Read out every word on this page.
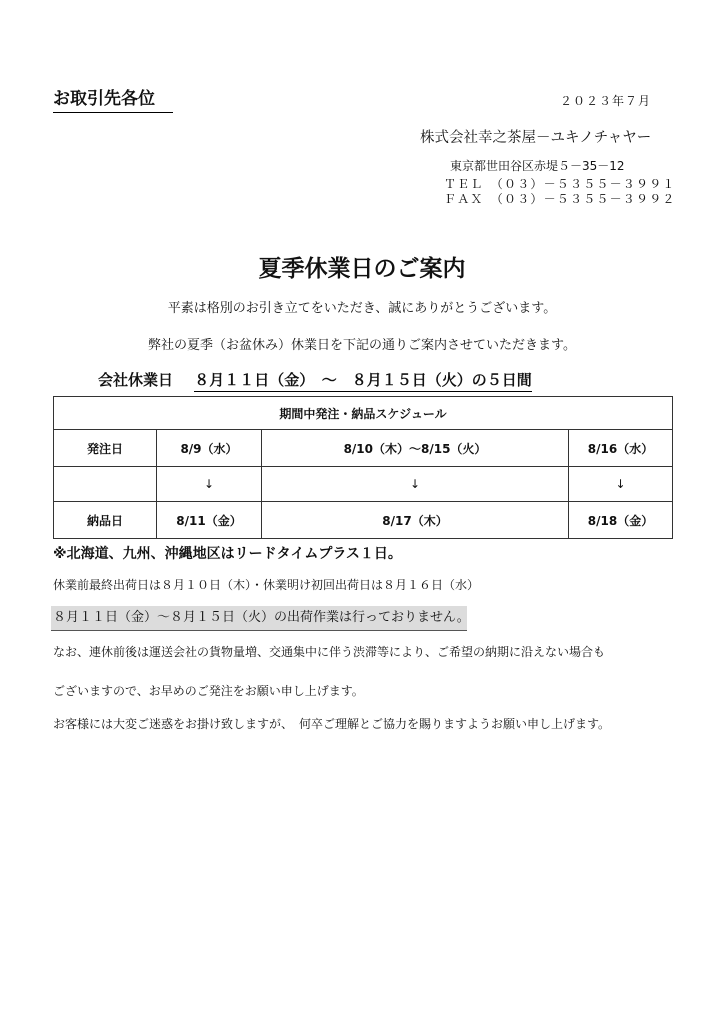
お取引先各位	２０２３年７月
株式会社幸之茶屋－ユキノチャヤー
東京都世田谷区赤堤５－35－12
ＴＥＬ　（０３）－５３５５－３９９１
ＦＡＸ　（０３）－５３５５－３９９２
夏季休業日のご案内
平素は格別のお引き立てをいただき、誠にありがとうございます。
弊社の夏季（お盆休み）休業日を下記の通りご案内させていただきます。
会社休業日 ８月１１日（金）　～　８月１５日（火）の５日間
期間中発注・納品スケジュール			
発注日	8/9（水）	8/10（木）～8/15（火）	8/16（水）
	↓	↓	↓
納品日	8/11（金）	8/17（木）	8/18（金）
※北海道、九州、沖縄地区はリードタイムプラス１日。
休業前最終出荷日は８月１０日（木）・休業明け初回出荷日は８月１６日（水）
８月１１日（金）～８月１５日（火）の出荷作業は行っておりません。
なお、連休前後は運送会社の貨物量増、交通集中に伴う渋滞等により、ご希望の納期に沿えない場合も
ございますので、お早めのご発注をお願い申し上げます。
お客様には大変ご迷惑をお掛け致しますが、　何卒ご理解とご協力を賜りますようお願い申し上げます。
